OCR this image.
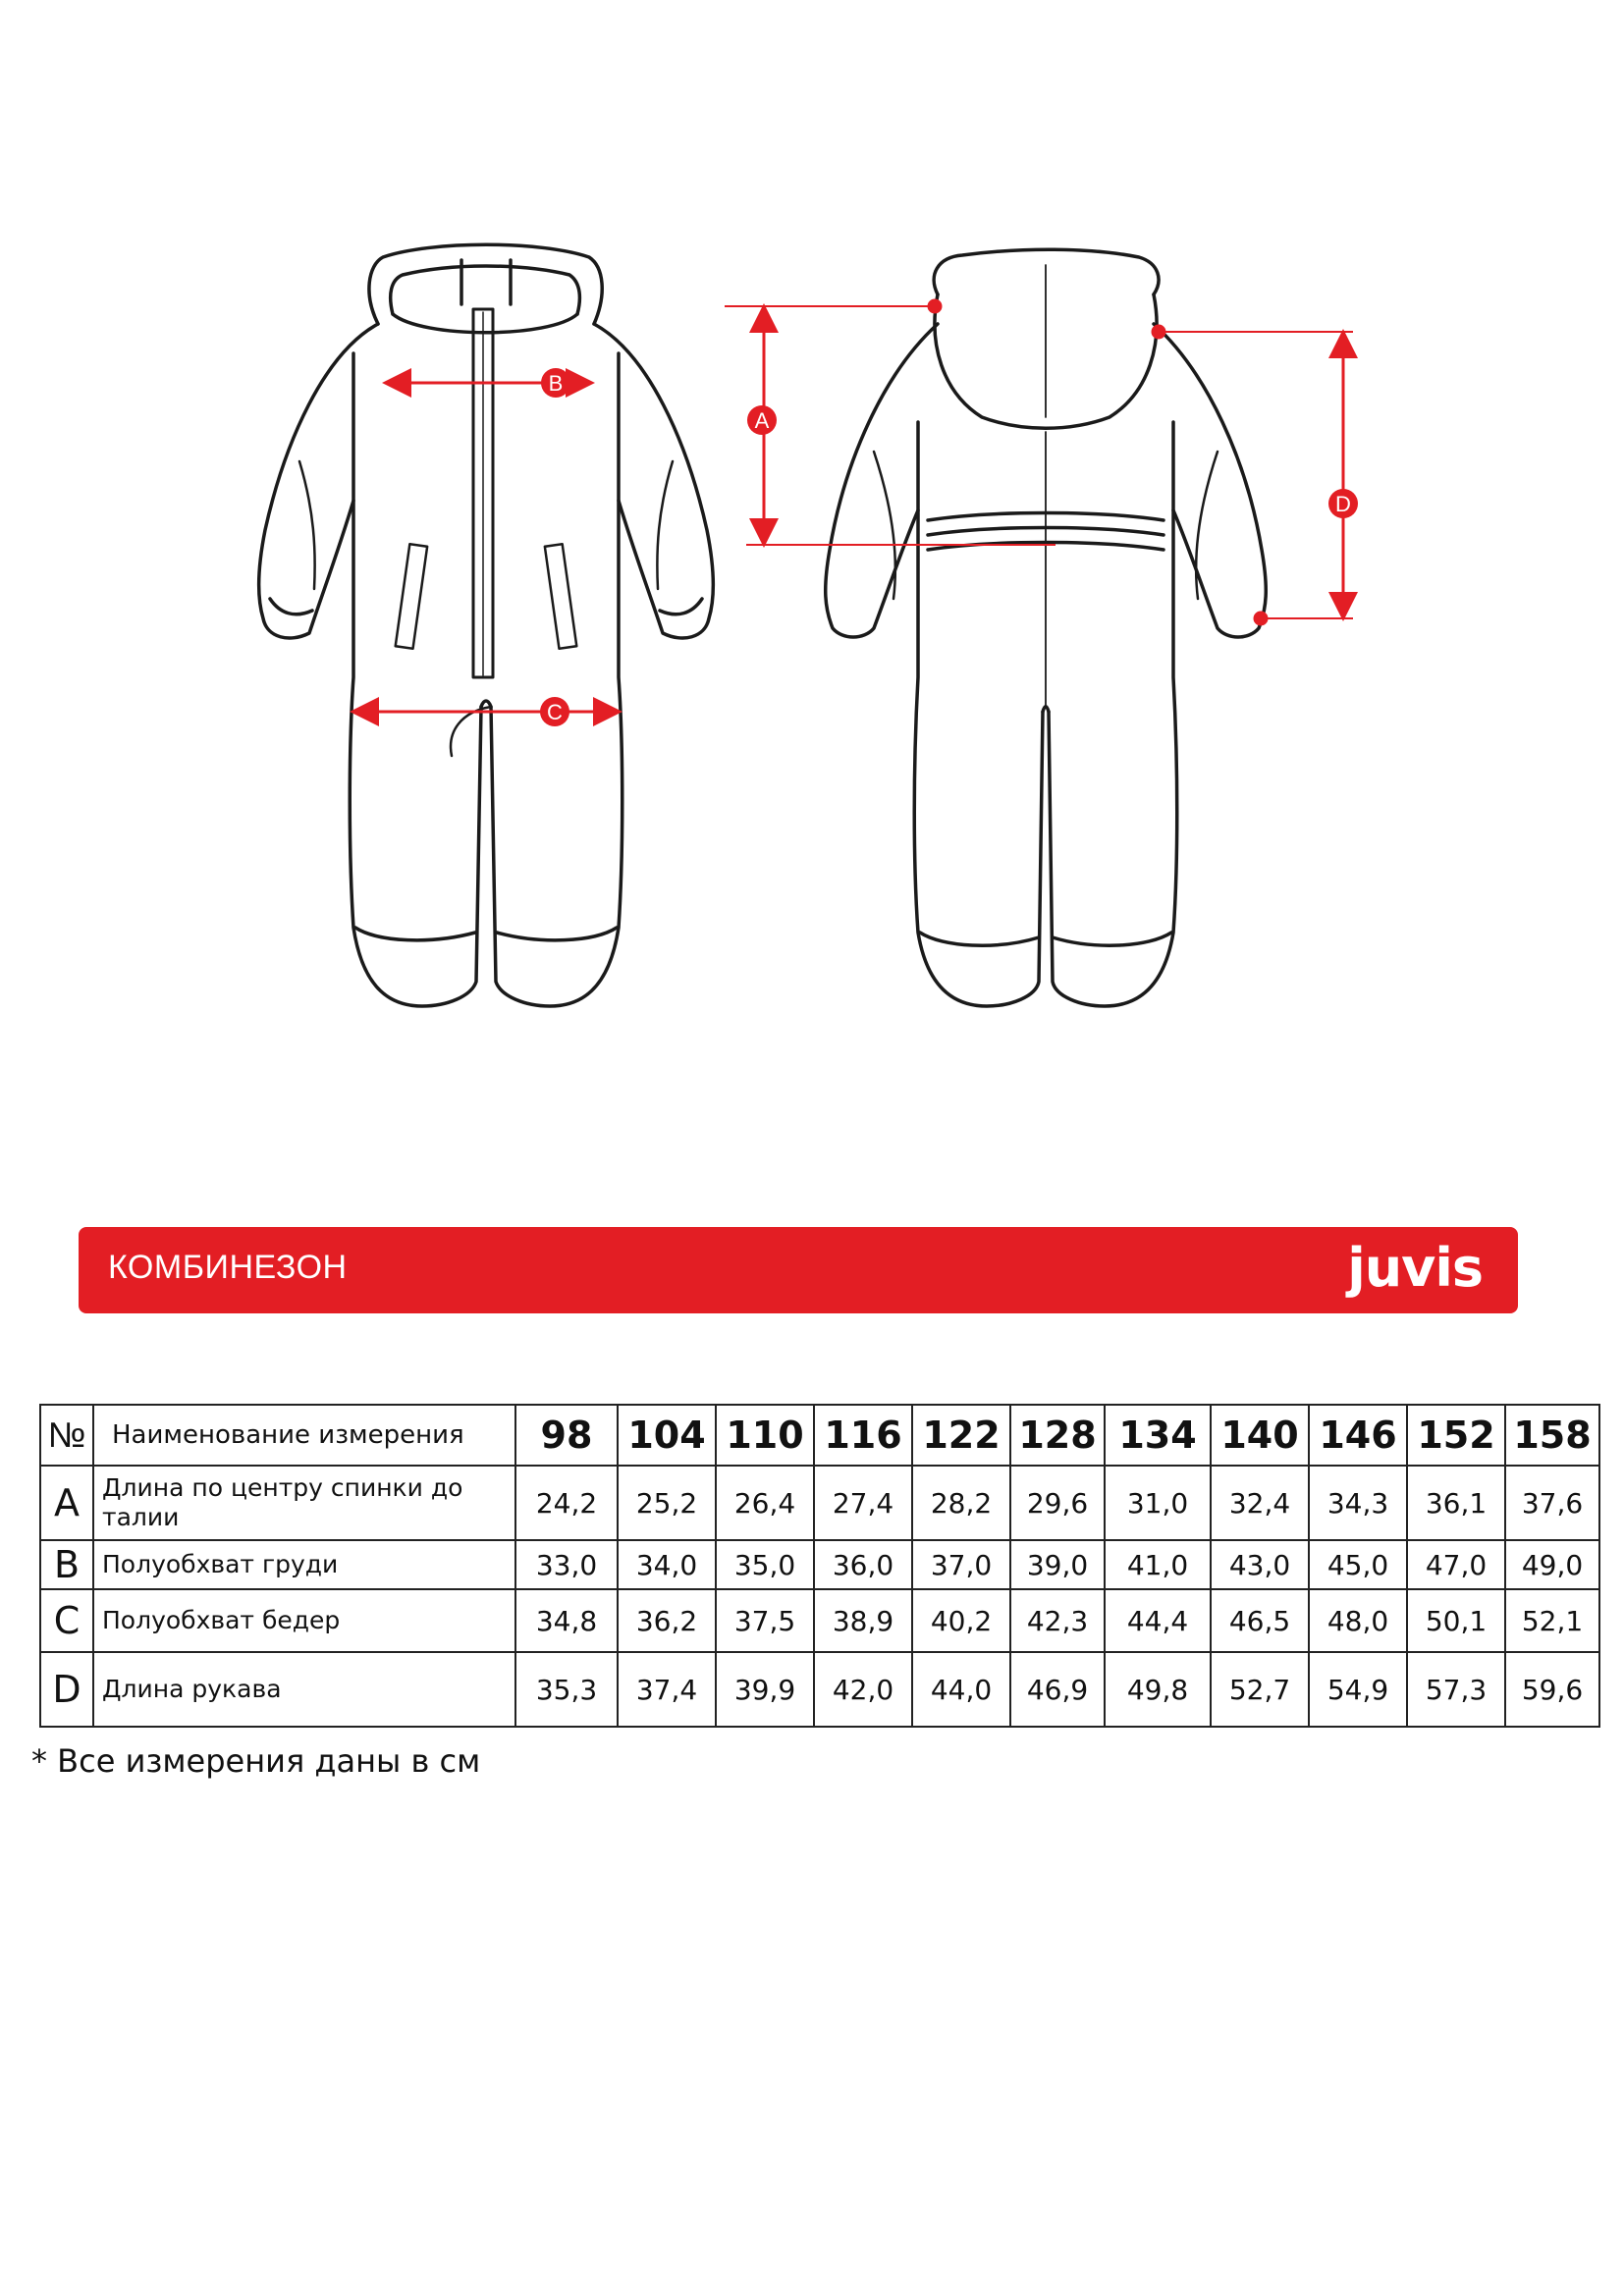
A
B
C
D
КОМБИНЕЗОН	juvis
№	Наименование измерения	98	104	110	116	122	128	134	140	146	152	158
A	Длина по центру спинки до талии	24,2	25,2	26,4	27,4	28,2	29,6	31,0	32,4	34,3	36,1	37,6
B	Полуобхват груди	33,0	34,0	35,0	36,0	37,0	39,0	41,0	43,0	45,0	47,0	49,0
C	Полуобхват бедер	34,8	36,2	37,5	38,9	40,2	42,3	44,4	46,5	48,0	50,1	52,1
D	Длина рукава	35,3	37,4	39,9	42,0	44,0	46,9	49,8	52,7	54,9	57,3	59,6
* Все измерения даны в см
